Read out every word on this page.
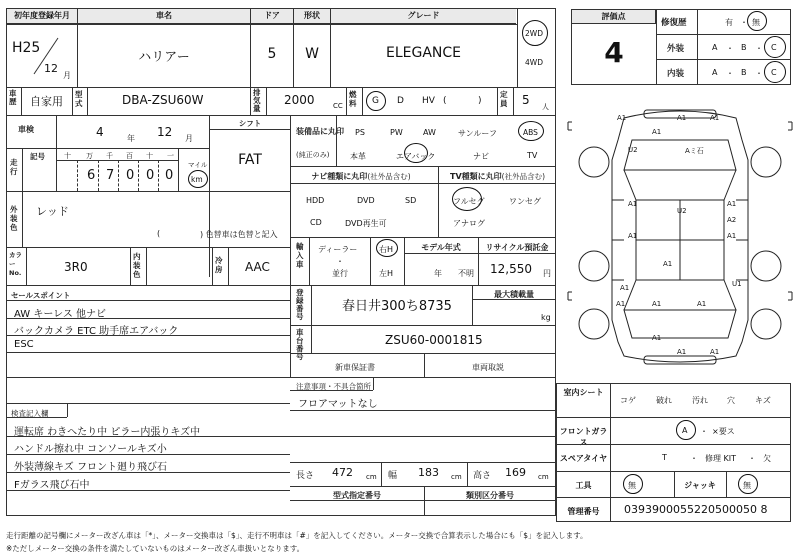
初年度登録年月	車名	ドア	形状	グレード
H25
12
月
ハリアー	5	W	ELEGANCE
2WD
4WD
車歴 自家用
型式	DBA-ZSU60W
排気量
2000	CC
燃料 G D HV (	)
定員 5 人
車検	4	年 12 月
シフト
FAT
走行
記号	十 万 千 百 十 一
6 7 0 0 0
マイル
km
外装色
レッド
(	) 色替車は色替と記入
カラーNo.	3R0
内装色
冷房 AAC
装備品に丸印
(純正のみ)
PS	PW	AW	サンルーフ	ABS
本革	エアバック	ナビ	TV
ナビ種類に丸印(社外品含む)	TV種類に丸印(社外品含む)
HDD	DVD	SD
CD	DVD再生可
フルセグ	ワンセグ
アナログ
輸入車
ディーラー
・
並行
右H
左H
モデル年式
年 不明
リサイクル預託金
12,550 円
セールスポイント
AW キーレス 他ナビ
バックカメラ ETC 助手席エアバック
ESC
登録番号
春日井300ち8735
最大積載量
kg
車台番号
ZSU60-0001815
新車保証書	車両取説
注意事項・不具合箇所
フロアマットなし
検査記入欄
運転席 わきへたり中 ピラー内張りキズ中
ハンドル擦れ中 コンソールキズ小
外装薄線キズ フロント廻り飛び石
Fガラス飛び石中
長さ 472 cm 幅 183 cm 高さ 169 cm
型式指定番号	類別区分番号
評価点
4
修復歴	有 ・ 無
外装	A ・ B ・ C
内装	A ・ B ・ C
A1	A1	A1
A1
U2	Aミ石
A1
U2
A1
A2
A1	A1
A1
A1	U1
A1	A1
A1
A1
A1	A1
室内シート
コゲ	破れ	汚れ 穴	キズ
フロントガラス
A ・ ×要ス
スペアタイヤ	T	・ 修理 KIT ・ 欠
工具	無	ジャッキ	無
管理番号	0393900055220500050 8
走行距離の記号欄にメーター改ざん車は「*」、メーター交換車は「$」、走行不明車は「#」を記入してください。メーター交換で合算表示した場合にも「$」を記入します。
※ただしメーター交換の条件を満たしていないものはメーター改ざん車扱いとなります。
